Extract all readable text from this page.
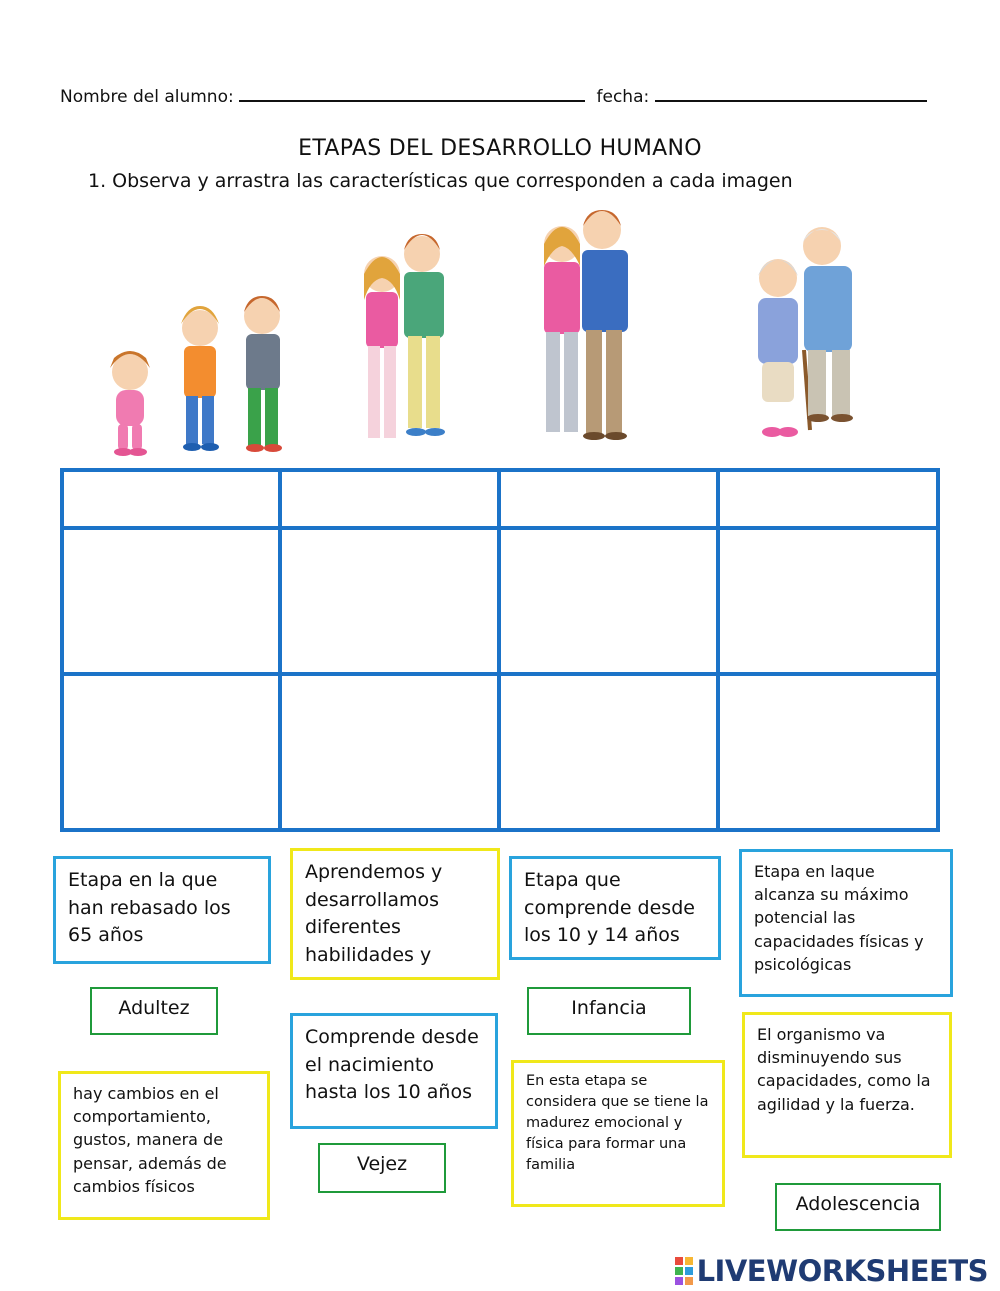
Nombre del alumno:	fecha:
ETAPAS DEL DESARROLLO HUMANO
1. Observa y arrastra las características que corresponden a cada imagen
Etapa en la que han rebasado los 65 años
Aprendemos y desarrollamos diferentes habilidades y
Etapa que comprende desde los 10 y 14 años
Etapa en laque alcanza su máximo potencial las capacidades físicas y psicológicas
Adultez
Comprende desde el nacimiento hasta los 10 años
Infancia
El organismo va disminuyendo sus capacidades, como la agilidad y la fuerza.
hay cambios en el comportamiento, gustos, manera de pensar, además de cambios físicos
En esta etapa se considera que se tiene la madurez emocional y física para formar una familia
Vejez
Adolescencia
LIVEWORKSHEETS
